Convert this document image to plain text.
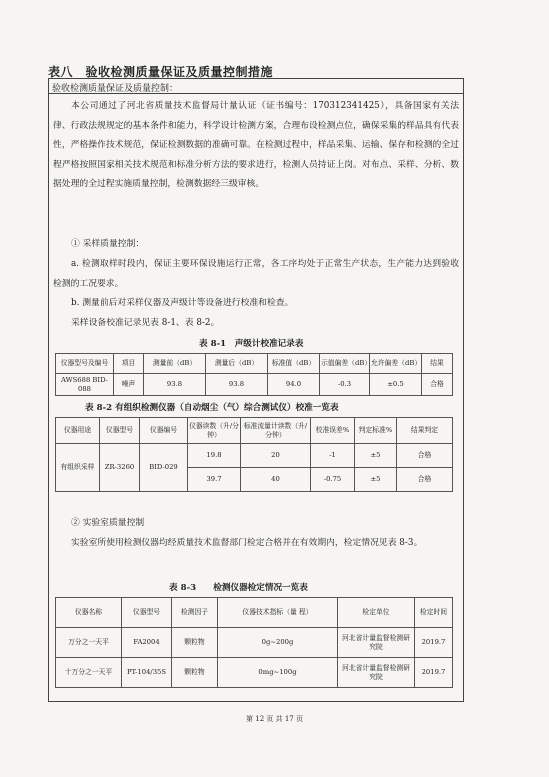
表八　验收检测质量保证及质量控制措施
验收检测质量保证及质量控制：

本公司通过了河北省质量技术监督局计量认证（证书编号：170312341425），具备国家有关法律、行政法规规定的基本条件和能力，科学设计检测方案，合理布设检测点位，确保采集的样品具有代表性，严格操作技术规范，保证检测数据的准确可靠。在检测过程中，样品采集、运输、保存和检测的全过程严格按照国家相关技术规范和标准分析方法的要求进行，检测人员持证上岗。对布点、采样、分析、数据处理的全过程实施质量控制，检测数据经三级审核。

① 采样质量控制：

a. 检测取样时段内，保证主要环保设施运行正常，各工序均处于正常生产状态，生产能力达到验收检测的工况要求。

b. 测量前后对采样仪器及声级计等设备进行校准和检查。

采样设备校准记录见表 8-1、表 8-2。

表 8-1　声级计校准记录表
仪器型号及编号	项目	测量前（dB）	测量后（dB）	标准值（dB）	示值偏差（dB）	允许偏差（dB）	结果
AWS688 BID-088	噪声	93.8	93.8	94.0	-0.3	±0.5	合格
表 8-2 有组织检测仪器（自动烟尘（气）综合测试仪）校准一览表
仪器用途	仪器型号	仪器编号	仪器读数（升/分钟）	标准流量计读数（升/分钟）	校准误差%	判定标准%	结果判定
有组织采样	ZR-3260	BID-029	19.8	20	-1	±5	合格
			39.7	40	-0.75	±5	合格

② 实验室质量控制

实验室所使用检测仪器均经质量技术监督部门检定合格并在有效期内，检定情况见表 8-3。

表 8-3　　检测仪器检定情况一览表
仪器名称	仪器型号	检测因子	仪器技术指标（量 程）	检定单位	检定时间
万分之一天平	FA2004	颗粒物	0g~200g	河北省计量监督检测研究院	2019.7
十万分之一天平	PT-104/35S	颗粒物	0mg~100g	河北省计量监督检测研究院	2019.7
第 12 页 共 17 页
